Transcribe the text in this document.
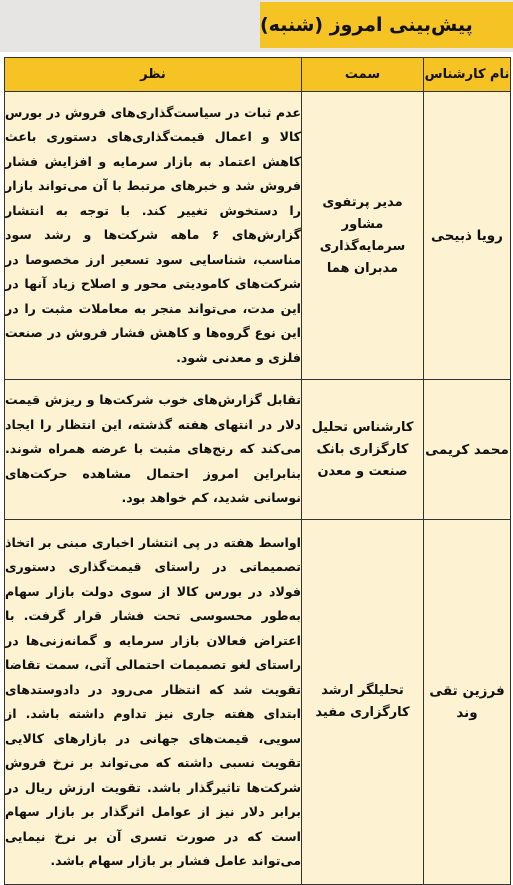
پیش‌بینی امروز (شنبه)
نام کارشناس	سمت	نظر
رویا ذبیحی	مدیر پرتفوی مشاور سرمایه‌گذاری مدبران هما	عدم ثبات در سیاست‌گذاری‌های فروش در بورس کالا و اعمال قیمت‌گذاری‌های دستوری باعث کاهش اعتماد به بازار سرمایه و افزایش فشار فروش شد و خبرهای مرتبط با آن می‌تواند بازار را دستخوش تغییر کند. با توجه به انتشار گزارش‌های ۶ ماهه شرکت‌ها و رشد سود مناسب، شناسایی سود تسعیر ارز مخصوصا در شرکت‌های کامودیتی محور و اصلاح زیاد آنها در این مدت، می‌تواند منجر به معاملات مثبت را در این نوع گروه‌ها و کاهش فشار فروش در صنعت فلزی و معدنی شود.
محمد کریمی	کارشناس تحلیل کارگزاری بانک صنعت و معدن	تقابل گزارش‌های خوب شرکت‌ها و ریزش قیمت دلار در انتهای هفته گذشته، این انتظار را ایجاد می‌کند که رنج‌های مثبت با عرضه همراه شوند. بنابراین امروز احتمال مشاهده حرکت‌های نوسانی شدید، کم خواهد بود.
فرزین تقی وند	تحلیلگر ارشد کارگزاری مفید	اواسط هفته در پی انتشار اخباری مبنی بر اتخاذ تصمیماتی در راستای قیمت‌گذاری دستوری فولاد در بورس کالا از سوی دولت بازار سهام به‌طور محسوسی تحت فشار قرار گرفت. با اعتراض فعالان بازار سرمایه و گمانه‌زنی‌ها در راستای لغو تصمیمات احتمالی آتی، سمت تقاضا تقویت شد که انتظار می‌رود در دادوستدهای ابتدای هفته جاری نیز تداوم داشته باشد. از سویی، قیمت‌های جهانی در بازارهای کالایی تقویت نسبی داشته که می‌تواند بر نرخ فروش شرکت‌ها تاثیرگذار باشد. تقویت ارزش ریال در برابر دلار نیز از عوامل اثرگذار بر بازار سهام است که در صورت تسری آن بر نرخ نیمایی می‌تواند عامل فشار بر بازار سهام باشد.
